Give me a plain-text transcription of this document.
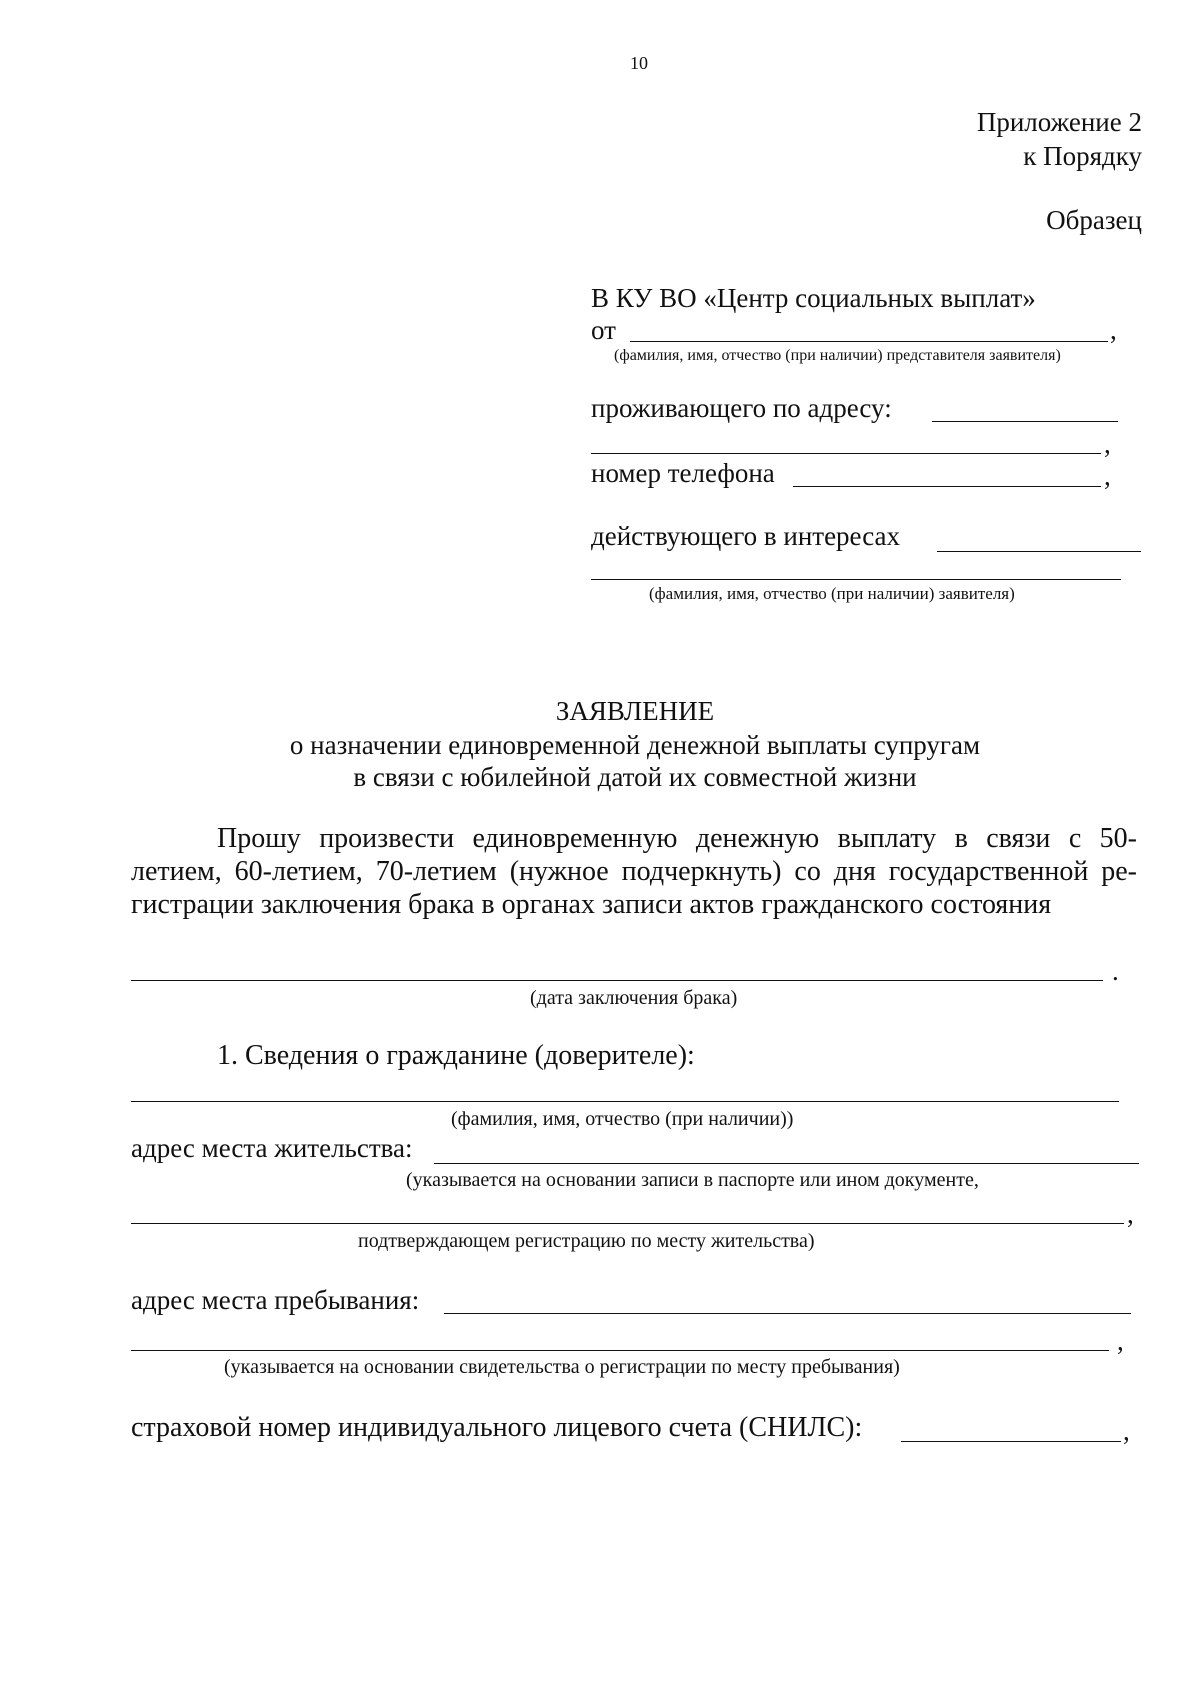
10
Приложение 2
к Порядку
Образец
В КУ ВО «Центр социальных выплат»
от	,
(фамилия, имя, отчество (при наличии) представителя заявителя)
проживающего по адресу:
,
номер телефона	,
действующего в интересах
(фамилия, имя, отчество (при наличии) заявителя)
ЗАЯВЛЕНИЕ
о назначении единовременной денежной выплаты супругам
в связи с юбилейной датой их совместной жизни
Прошу произвести единовременную денежную выплату в связи с 50-
летием, 60-летием, 70-летием (нужное подчеркнуть) со дня государственной ре-
гистрации заключения брака в органах записи актов гражданского состояния
.
(дата заключения брака)
1. Сведения о гражданине (доверителе):
(фамилия, имя, отчество (при наличии))
адрес места жительства:
(указывается на основании записи в паспорте или ином документе,
,
подтверждающем регистрацию по месту жительства)
адрес места пребывания:
,
(указывается на основании свидетельства о регистрации по месту пребывания)
страховой номер индивидуального лицевого счета (СНИЛС):	,
